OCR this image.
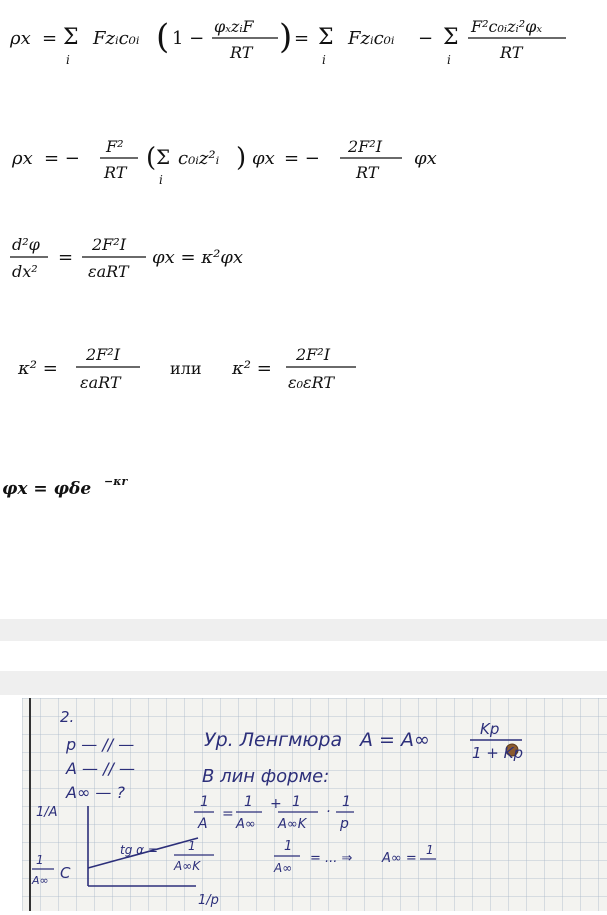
ρx = Σ
i
Fzᵢc₀ᵢ ( 1 −
φₓzᵢF
RT ) = Σ
i
Fzᵢc₀ᵢ − Σ
i
F²c₀ᵢzᵢ²φₓ
RT
ρx = −
F²
RT ( Σ
i
c₀ᵢz²ᵢ ) φx = −
2F²I
RT
φx
d²φ
dx²
=
2F²I
εaRT
φx = κ²φx
κ² =
2F²I
εaRT
или κ² =
2F²I
ε₀εRT
φx = φδe −κr
2.
p — // —
A — // —
A∞ — ?
Ур. Ленгмюра A = A∞	Kp
1 + Kp
В лин форме:
1
A
=
1
A∞
+ 1
A∞K
·
1
p
1/A
1/p
1
A∞ C
tg α =	1
A∞K
1
A∞
= ... ⇒ A∞ =
1
